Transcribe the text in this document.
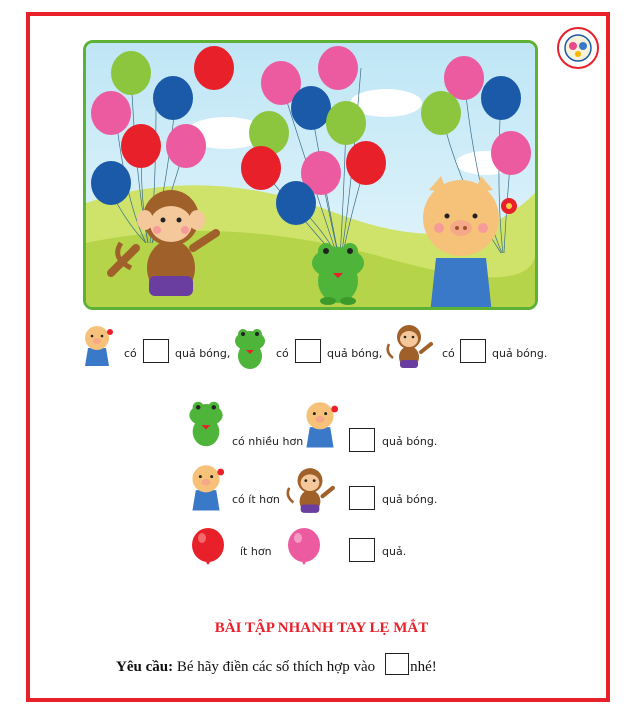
có	quả bóng,	có	quả bóng,	có	quả bóng.
có nhiều hơn	quả bóng.
có ít hơn	quả bóng.
ít hơn	quả.
BÀI TẬP NHANH TAY LẸ MẮT
Yêu cầu: Bé hãy điền các số thích hợp vào nhé!
